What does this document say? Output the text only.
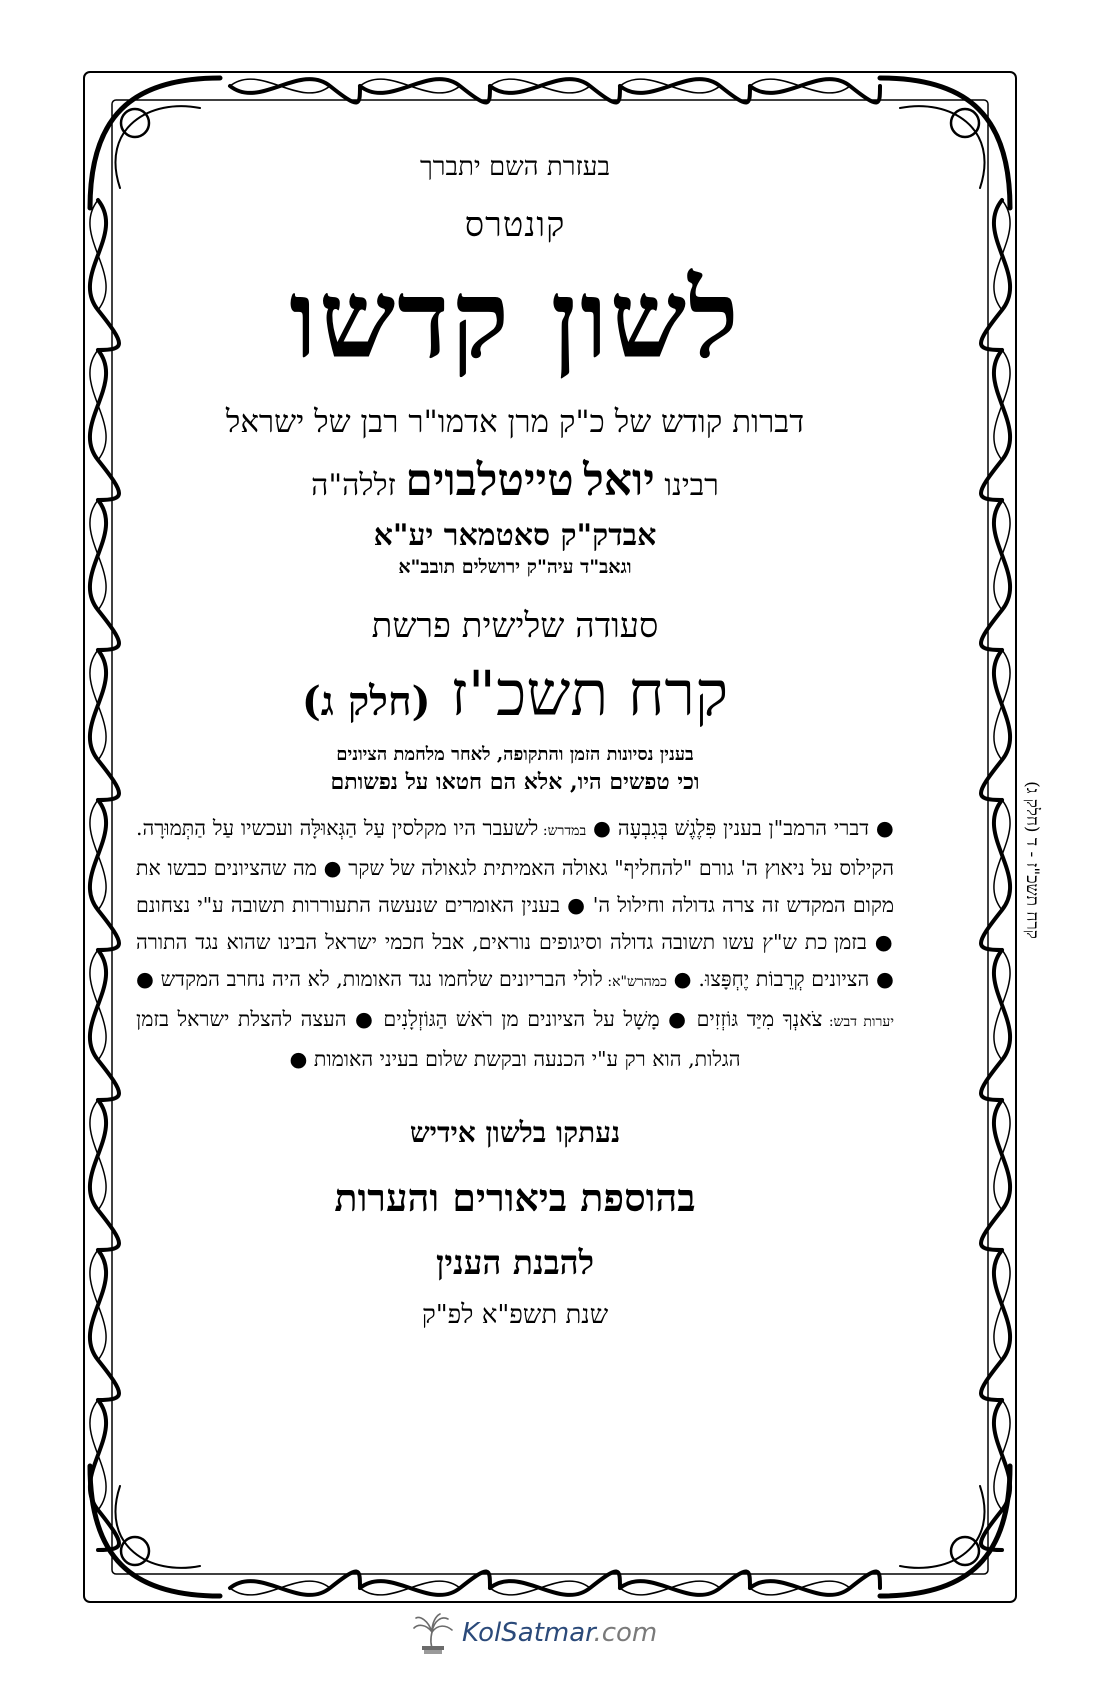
בעזרת השם יתברך

קונטרס

לשון קדשו

דברות קודש של כ"ק מרן אדמו"ר רבן של ישראל

רבינו יואל טייטלבוים זללה"ה

אבדק"ק סאטמאר יע"א

וגאב"ד עיה"ק ירושלים תובב"א

סעודה שלישית פרשת

קרח תשכ"ז (חלק ג)

בענין נסיונות הזמן והתקופה, לאחר מלחמת הציונים

וכי טפשים היו, אלא הם חטאו על נפשותם

● דברי הרמב"ן בענין פִּלֶגֶשׁ בְּגִבְעָה ● במדרש: לשעבר היו מקלסין עַל הַגְּאוּלָּה ועכשיו עַל הַתְּמוּרָה. הקילוס על ניאוץ ה' גורם "להחליף" גאולה האמיתית לגאולה של שקר ● מה שהציונים כבשו את מקום המקדש זה צרה גדולה וחילול ה' ● בענין האומרים שנעשה התעוררות תשובה ע"י נצחונם ● בזמן כת ש"ץ עשו תשובה גדולה וסיגופים נוראים, אבל חכמי ישראל הבינו שהוא נגד התורה ● הציונים קְרֵבוֹת יֶחְפָּצוּ. ● כמהרש"א: לולי הבריונים שלחמו נגד האומות, לא היה נחרב המקדש ● יערות דבש: צֹאנְךָ מִיַּד גּוֹזְזִים ● מָשָׁל על הציונים מן רֹאשׁ הַגּוֹזְלָנִים ● העצה להצלת ישראל בזמן הגלות, הוא רק ע"י הכנעה ובקשת שלום בעיני האומות ●

נעתקו בלשון אידיש

בהוספת ביאורים והערות

להבנת הענין

שנת תשפ"א לפ"ק

קרח תשכ"ז - ד (חלק ג)
KolSatmar.com
